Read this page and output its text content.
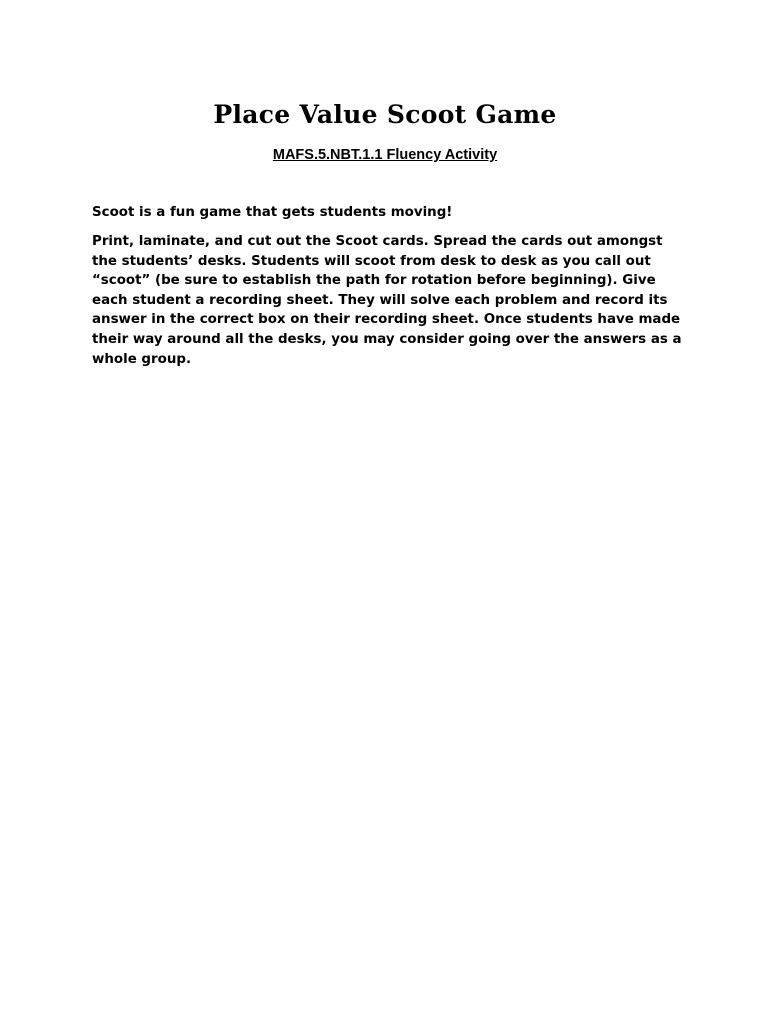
Place Value Scoot Game
MAFS.5.NBT.1.1 Fluency Activity

Scoot is a fun game that gets students moving!

Print, laminate, and cut out the Scoot cards. Spread the cards out amongst the students’ desks. Students will scoot from desk to desk as you call out “scoot” (be sure to establish the path for rotation before beginning). Give each student a recording sheet. They will solve each problem and record its answer in the correct box on their recording sheet. Once students have made their way around all the desks, you may consider going over the answers as a whole group.
